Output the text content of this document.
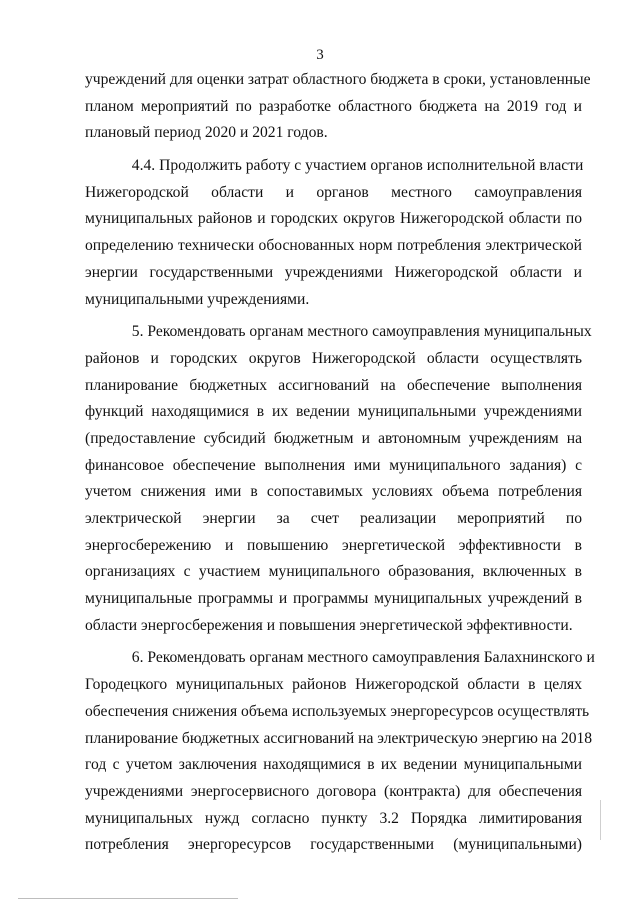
3
учреждений для оценки затрат областного бюджета в сроки, установленные
планом мероприятий по разработке областного бюджета на 2019 год и
плановый период 2020 и 2021 годов.
4.4. Продолжить работу с участием органов исполнительной власти
Нижегородской области и органов местного самоуправления
муниципальных районов и городских округов Нижегородской области по
определению технически обоснованных норм потребления электрической
энергии государственными учреждениями Нижегородской области и
муниципальными учреждениями.
5. Рекомендовать органам местного самоуправления муниципальных
районов и городских округов Нижегородской области осуществлять
планирование бюджетных ассигнований на обеспечение выполнения
функций находящимися в их ведении муниципальными учреждениями
(предоставление субсидий бюджетным и автономным учреждениям на
финансовое обеспечение выполнения ими муниципального задания) с
учетом снижения ими в сопоставимых условиях объема потребления
электрической энергии за счет реализации мероприятий по
энергосбережению и повышению энергетической эффективности в
организациях с участием муниципального образования, включенных в
муниципальные программы и программы муниципальных учреждений в
области энергосбережения и повышения энергетической эффективности.
6. Рекомендовать органам местного самоуправления Балахнинского и
Городецкого муниципальных районов Нижегородской области в целях
обеспечения снижения объема используемых энергоресурсов осуществлять
планирование бюджетных ассигнований на электрическую энергию на 2018
год с учетом заключения находящимися в их ведении муниципальными
учреждениями энергосервисного договора (контракта) для обеспечения
муниципальных нужд согласно пункту 3.2 Порядка лимитирования
потребления энергоресурсов государственными (муниципальными)
